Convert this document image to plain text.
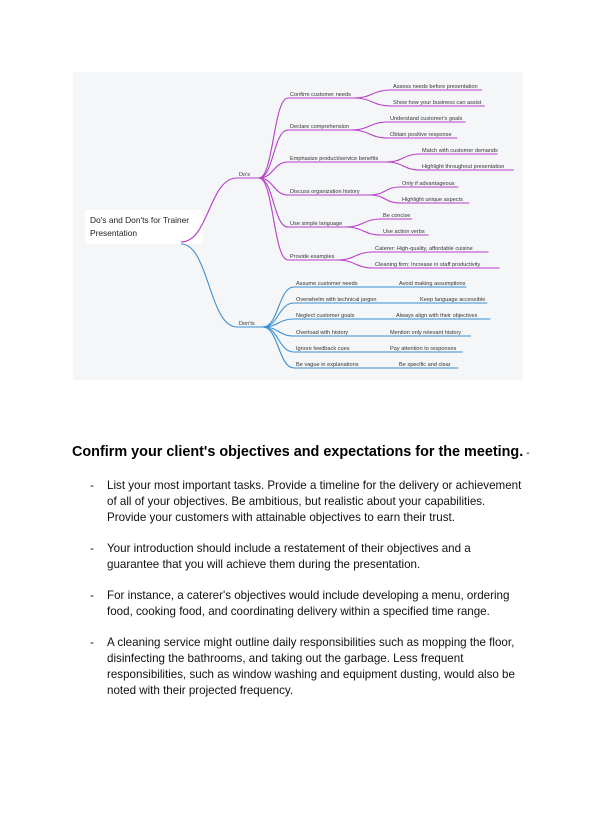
Do's and Don'ts for Trainer
Presentation
Do's
Don'ts
Confirm customer needs
Assess needs before presentation
Show how your business can assist
Declare comprehension
Understand customer's goals
Obtain positive response
Emphasize product/service benefits
Match with customer demands
Highlight throughout presentation
Discuss organization history
Only if advantageous
Highlight unique aspects
Use simple language
Be concise
Use action verbs
Provide examples
Caterer: High-quality, affordable cuisine
Cleaning firm: Increase in staff productivity
Assume customer needs	Avoid making assumptions
Overwhelm with technical jargon	Keep language accessible
Neglect customer goals	Always align with their objectives
Overload with history	Mention only relevant history
Ignore feedback cues	Pay attention to responses
Be vague in explanations	Be specific and clear
Confirm your client's objectives and expectations for the meeting. -
- List your most important tasks. Provide a timeline for the delivery or achievement of all of your objectives. Be ambitious, but realistic about your capabilities. Provide your customers with attainable objectives to earn their trust.
- Your introduction should include a restatement of their objectives and a guarantee that you will achieve them during the presentation.
- For instance, a caterer's objectives would include developing a menu, ordering food, cooking food, and coordinating delivery within a specified time range.
- A cleaning service might outline daily responsibilities such as mopping the floor, disinfecting the bathrooms, and taking out the garbage. Less frequent responsibilities, such as window washing and equipment dusting, would also be noted with their projected frequency.
